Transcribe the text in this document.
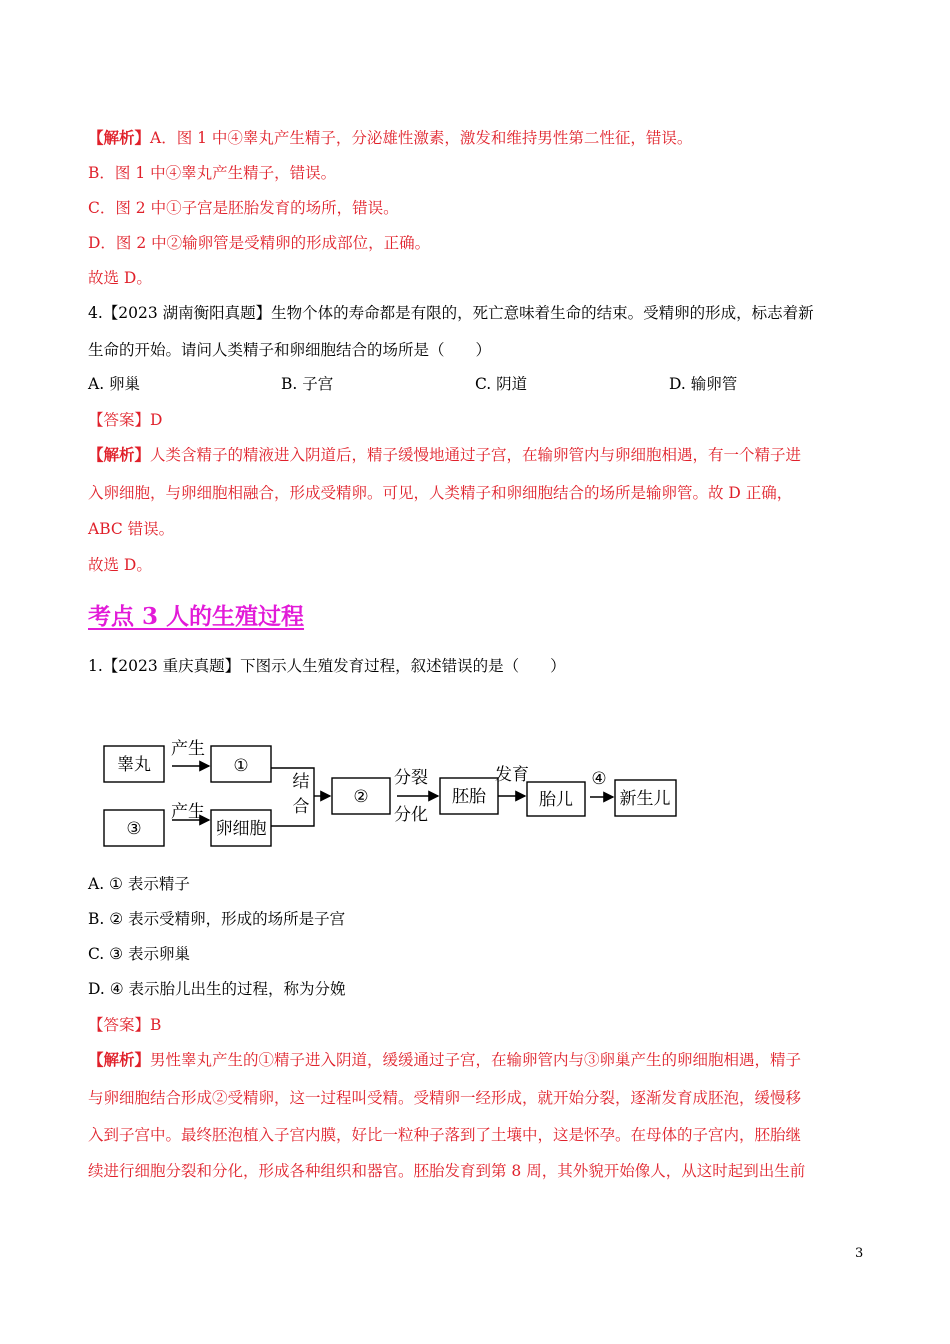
【解析】A．图 1 中④睾丸产生精子，分泌雄性激素，激发和维持男性第二性征，错误。
B．图 1 中④睾丸产生精子，错误。
C．图 2 中①子宫是胚胎发育的场所，错误。
D．图 2 中②输卵管是受精卵的形成部位，正确。
故选 D。
4.【2023 湖南衡阳真题】生物个体的寿命都是有限的，死亡意味着生命的结束。受精卵的形成，标志着新
生命的开始。请问人类精子和卵细胞结合的场所是（　　）
A. 卵巢	B. 子宫	C. 阴道	D. 输卵管
【答案】D
【解析】人类含精子的精液进入阴道后，精子缓慢地通过子宫，在输卵管内与卵细胞相遇，有一个精子进
入卵细胞，与卵细胞相融合，形成受精卵。可见，人类精子和卵细胞结合的场所是输卵管。故 D 正确，
ABC 错误。
故选 D。
考点 3 人的生殖过程
1.【2023 重庆真题】下图示人生殖发育过程，叙述错误的是（　　）
睾丸
产生
①
③
产生
卵细胞
结
合	②
分裂
分化
胚胎
发育
胎儿
④
新生儿
A. ① 表示精子
B. ② 表示受精卵，形成的场所是子宫
C. ③ 表示卵巢
D. ④ 表示胎儿出生的过程，称为分娩
【答案】B
【解析】男性睾丸产生的①精子进入阴道，缓缓通过子宫，在输卵管内与③卵巢产生的卵细胞相遇，精子
与卵细胞结合形成②受精卵，这一过程叫受精。受精卵一经形成，就开始分裂，逐渐发育成胚泡，缓慢移
入到子宫中。最终胚泡植入子宫内膜，好比一粒种子落到了土壤中，这是怀孕。在母体的子宫内，胚胎继
续进行细胞分裂和分化，形成各种组织和器官。胚胎发育到第 8 周，其外貌开始像人，从这时起到出生前
3
